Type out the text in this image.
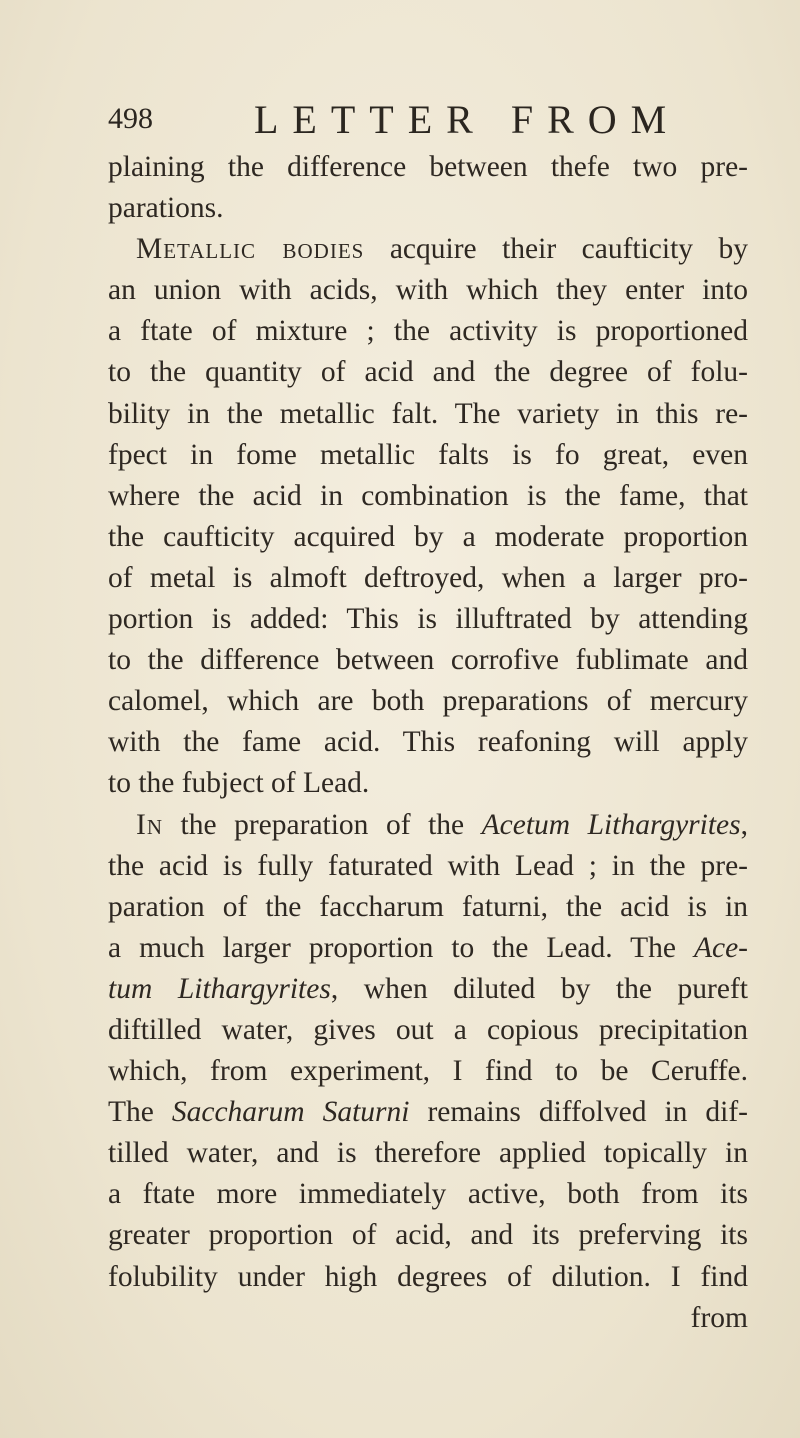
498	LETTER FROM
plaining the difference between thefe two pre-
parations.
Metallic bodies acquire their caufticity by
an union with acids, with which they enter into
a ftate of mixture ; the activity is proportioned
to the quantity of acid and the degree of folu-
bility in the metallic falt. The variety in this re-
fpect in fome metallic falts is fo great, even
where the acid in combination is the fame, that
the caufticity acquired by a moderate proportion
of metal is almoft deftroyed, when a larger pro-
portion is added: This is illuftrated by attending
to the difference between corrofive fublimate and
calomel, which are both preparations of mercury
with the fame acid. This reafoning will apply
to the fubject of Lead.
In the preparation of the Acetum Lithargyrites,
the acid is fully faturated with Lead ; in the pre-
paration of the faccharum faturni, the acid is in
a much larger proportion to the Lead. The Ace-
tum Lithargyrites, when diluted by the pureft
diftilled water, gives out a copious precipitation
which, from experiment, I find to be Ceruffe.
The Saccharum Saturni remains diffolved in dif-
tilled water, and is therefore applied topically in
a ftate more immediately active, both from its
greater proportion of acid, and its preferving its
folubility under high degrees of dilution. I find
from
